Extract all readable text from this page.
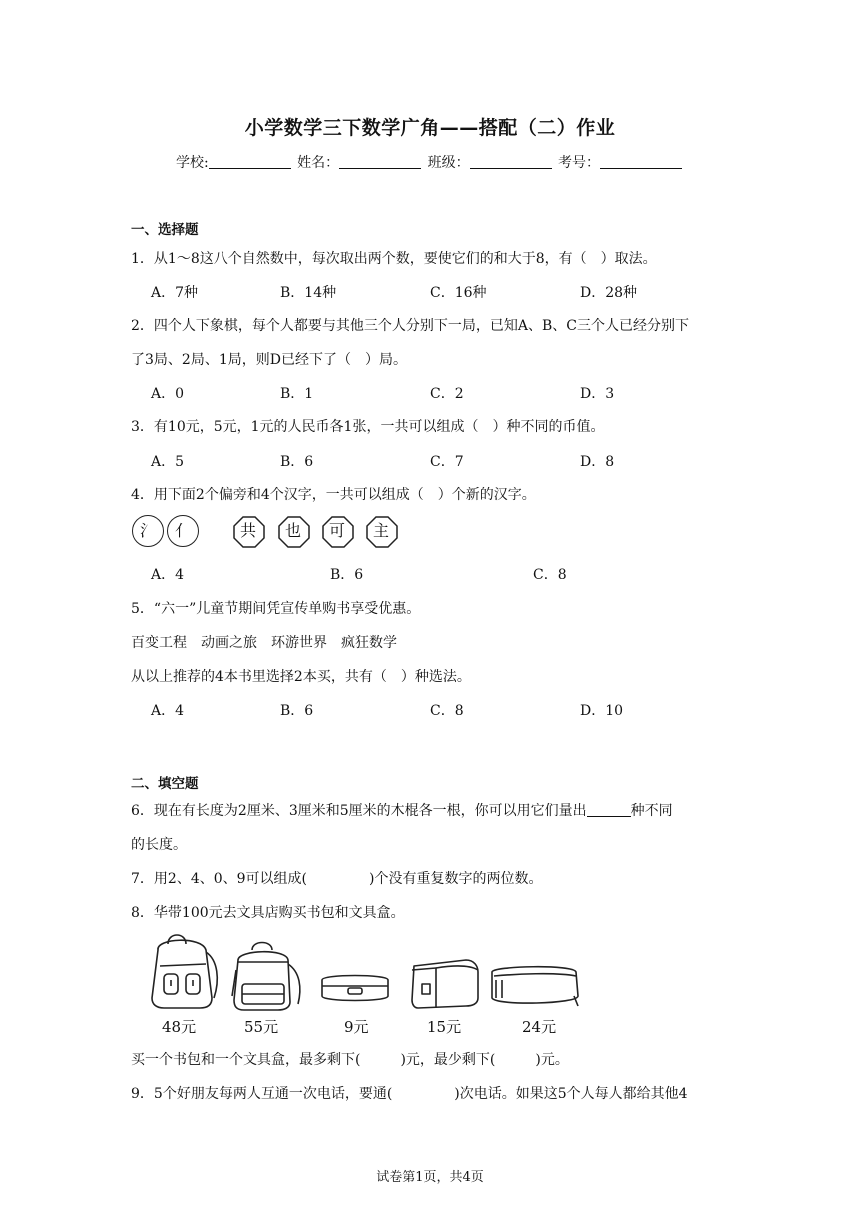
小学数学三下数学广角——搭配（二）作业
学校:	姓名：	班级：	考号：
一、选择题
1．从1～8这八个自然数中，每次取出两个数，要使它们的和大于8，有（　）取法。
A．7种	B．14种	C．16种	D．28种
2．四个人下象棋，每个人都要与其他三个人分别下一局，已知A、B、C三个人已经分别下
了3局、2局、1局，则D已经下了（　）局。
A．0	B．1	C．2	D．3
3．有10元，5元，1元的人民币各1张，一共可以组成（　）种不同的币值。
A．5	B．6	C．7	D．8
4．用下面2个偏旁和4个汉字，一共可以组成（　）个新的汉字。
氵	亻	共	也	可	主
A．4	B．6	C．8
5．“六一”儿童节期间凭宣传单购书享受优惠。
百变工程 动画之旅 环游世界 疯狂数学
从以上推荐的4本书里选择2本买，共有（　）种选法。
A．4	B．6	C．8	D．10
二、填空题
6．现在有长度为2厘米、3厘米和5厘米的木棍各一根，你可以用它们量出	种不同
的长度。
7．用2、4、0、9可以组成(	)个没有重复数字的两位数。
8．华带100元去文具店购买书包和文具盒。
48元	55元	9元	15元	24元
买一个书包和一个文具盒，最多剩下(	)元，最少剩下(	)元。
9．5个好朋友每两人互通一次电话，要通(	)次电话。如果这5个人每人都给其他4
试卷第1页，共4页
